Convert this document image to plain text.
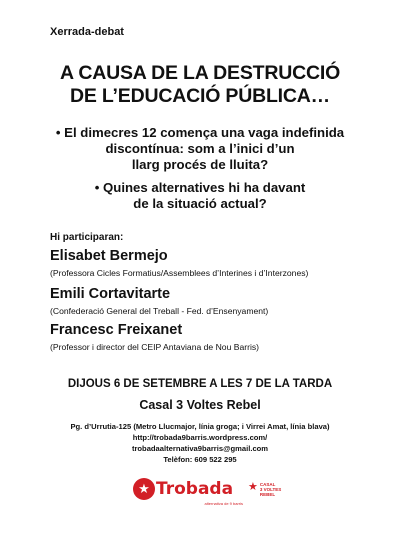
Xerrada-debat
A CAUSA DE LA DESTRUCCIÓ
DE L’EDUCACIÓ PÚBLICA…
• El dimecres 12 comença una vaga indefinida
discontínua: som a l’inici d’un
llarg procés de lluita?
• Quines alternatives hi ha davant
de la situació actual?
Hi participaran:
Elisabet Bermejo
(Professora Cicles Formatius/Assemblees d’Interines i d’Interzones)
Emili Cortavitarte
(Confederació General del Treball - Fed. d’Ensenyament)
Francesc Freixanet
(Professor i director del CEIP Antaviana de Nou Barris)
DIJOUS 6 DE SETEMBRE A LES 7 DE LA TARDA
Casal 3 Voltes Rebel
Pg. d’Urrutia-125 (Metro Llucmajor, línia groga; i Virrei Amat, línia blava)
http://trobada9barris.wordpress.com/
trobadaalternativa9barris@gmail.com
Telèfon: 609 522 295
★ Trobada
alternativa de 9 barris
★ CASAL
3 VOLTES
REBEL
